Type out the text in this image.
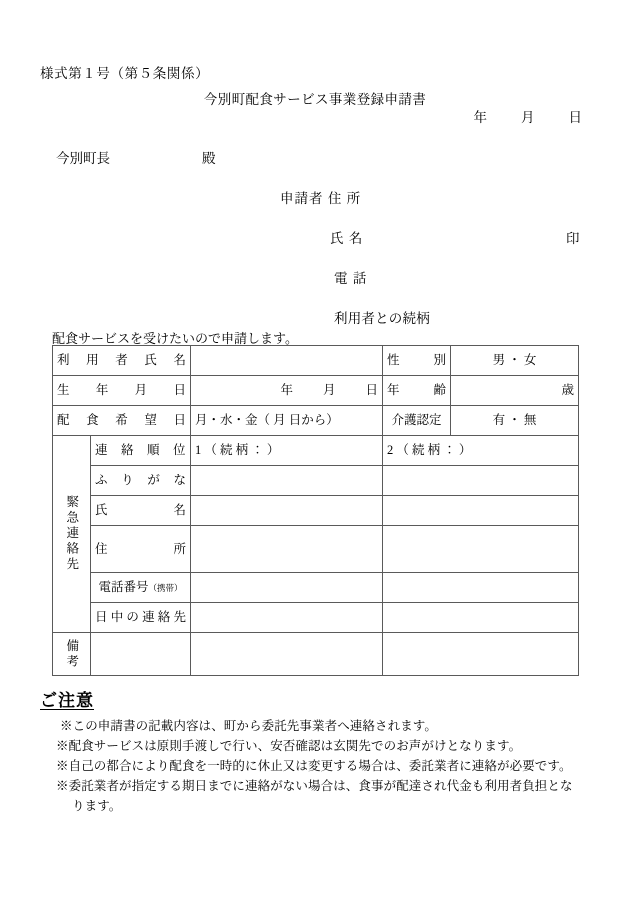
様式第１号（第５条関係）
今別町配食サービス事業登録申請書
年	月	日
今別町長	殿
申請者 住 所
氏 名	印
電 話
利用者との続柄
配食サービスを受けたいので申請します。
利用者氏名			性別	男 ・ 女
生年月日		年 月 日	年齢	歳
配食希望日		月・水・金（ 月 日から）	介護認定	有 ・ 無

緊急連絡先	連絡順位	1 （ 続 柄 ： ）	2 （ 続 柄 ： ）	
	ふりがな			
	氏名			
	住所			
	電話番号（携帯）			
	日中の連絡先			

備考				

ご注意
※この申請書の記載内容は、町から委託先事業者へ連絡されます。
※配食サービスは原則手渡しで行い、安否確認は玄関先でのお声がけとなります。
※自己の都合により配食を一時的に休止又は変更する場合は、委託業者に連絡が必要です。
※委託業者が指定する期日までに連絡がない場合は、食事が配達され代金も利用者負担とな
ります。
